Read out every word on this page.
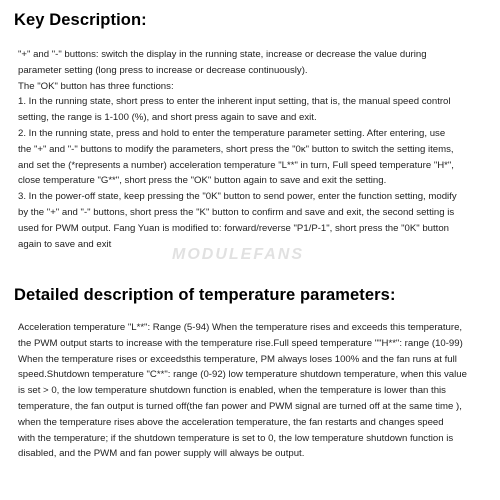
Key Description:
"+" and "-" buttons: switch the display in the running state, increase or decrease the value during
parameter setting (long press to increase or decrease continuously).
The "OK" button has three functions:
1. In the running state, short press to enter the inherent input setting, that is, the manual speed control
setting, the range is 1-100 (%), and short press again to save and exit.
2. In the running state, press and hold to enter the temperature parameter setting. After entering, use
the "+" and "-" buttons to modify the parameters, short press the "0κ" button to switch the setting items,
and set the (*represents a number) acceleration temperature "L**" in turn, Full speed temperature "H*",
close temperature "G**", short press the "OK" button again to save and exit the setting.
3. In the power-off state, keep pressing the "0K" button to send power, enter the function setting, modify
by the "+" and "-" buttons, short press the "K" button to confirm and save and exit, the second setting is
used for PWM output. Fang Yuan is modified to: forward/reverse "P1/P-1", short press the "0K" button
again to save and exit
MODULEFANS
Detailed description of temperature parameters:
Acceleration temperature "L**": Range (5-94) When the temperature rises and exceeds this temperature,
the PWM output starts to increase with the temperature rise.Full speed temperature ""H**": range (10-99)
When the temperature rises or exceedsthis temperature, PM always loses 100% and the fan runs at full
speed.Shutdown temperature "C**": range (0-92) low temperature shutdown temperature, when this value
is set > 0, the low temperature shutdown function is enabled, when the temperature is lower than this
temperature, the fan output is turned off(the fan power and PWM signal are turned off at the same time ),
when the temperature rises above the acceleration temperature, the fan restarts and changes speed
with the temperature; if the shutdown temperature is set to 0, the low temperature shutdown function is
disabled, and the PWM and fan power supply will always be output.
